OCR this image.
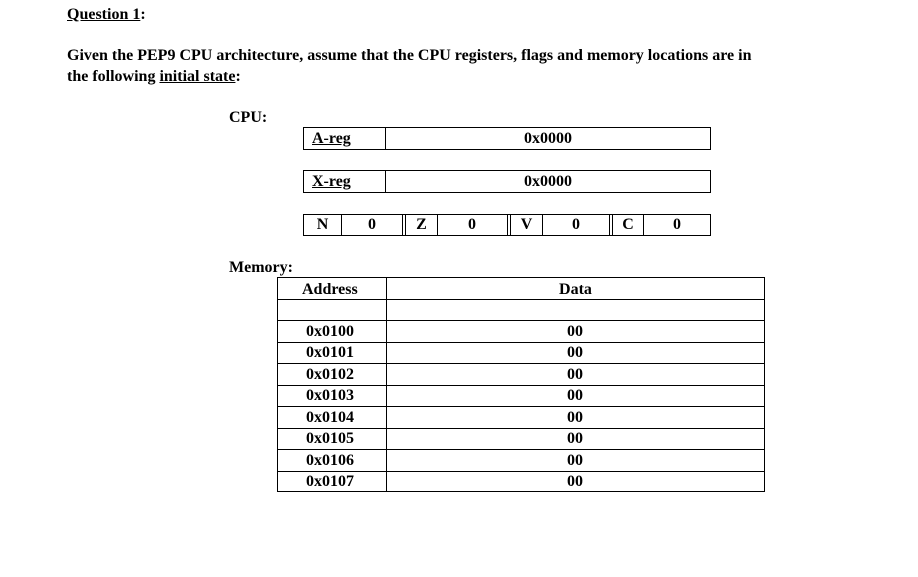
Question 1:
Given the PEP9 CPU architecture, assume that the CPU registers, flags and memory locations are in
the following initial state:
CPU:
A-reg	0x0000
X-reg	0x0000
N	0	Z	0	V	0	C	0
Memory:
Address	Data
0x0100	00
0x0101	00
0x0102	00
0x0103	00
0x0104	00
0x0105	00
0x0106	00
0x0107	00
